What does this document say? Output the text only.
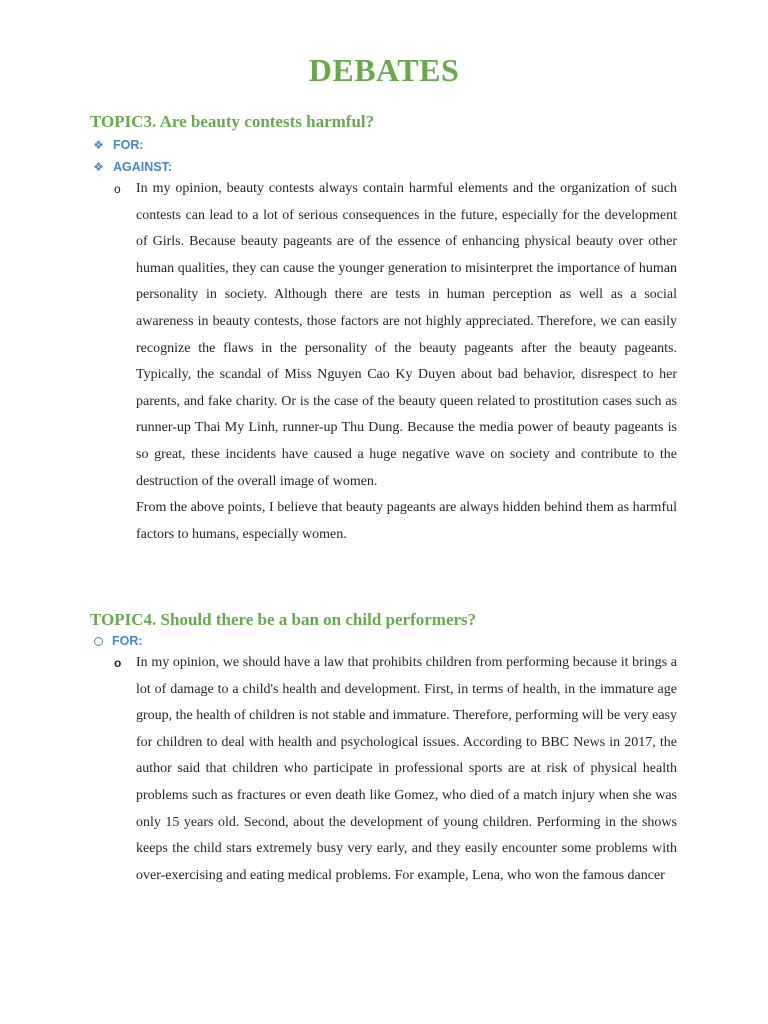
DEBATES
TOPIC3. Are beauty contests harmful?
❖ FOR:
❖ AGAINST:
o In my opinion, beauty contests always contain harmful elements and the organization of such contests can lead to a lot of serious consequences in the future, especially for the development of Girls. Because beauty pageants are of the essence of enhancing physical beauty over other human qualities, they can cause the younger generation to misinterpret the importance of human personality in society. Although there are tests in human perception as well as a social awareness in beauty contests, those factors are not highly appreciated. Therefore, we can easily recognize the flaws in the personality of the beauty pageants after the beauty pageants. Typically, the scandal of Miss Nguyen Cao Ky Duyen about bad behavior, disrespect to her parents, and fake charity. Or is the case of the beauty queen related to prostitution cases such as runner-up Thai My Linh, runner-up Thu Dung. Because the media power of beauty pageants is so great, these incidents have caused a huge negative wave on society and contribute to the destruction of the overall image of women.

From the above points, I believe that beauty pageants are always hidden behind them as harmful factors to humans, especially women.

TOPIC4. Should there be a ban on child performers?
FOR:
o In my opinion, we should have a law that prohibits children from performing because it brings a lot of damage to a child's health and development. First, in terms of health, in the immature age group, the health of children is not stable and immature. Therefore, performing will be very easy for children to deal with health and psychological issues. According to BBC News in 2017, the author said that children who participate in professional sports are at risk of physical health problems such as fractures or even death like Gomez, who died of a match injury when she was only 15 years old. Second, about the development of young children. Performing in the shows keeps the child stars extremely busy very early, and they easily encounter some problems with over-exercising and eating medical problems. For example, Lena, who won the famous dancer
